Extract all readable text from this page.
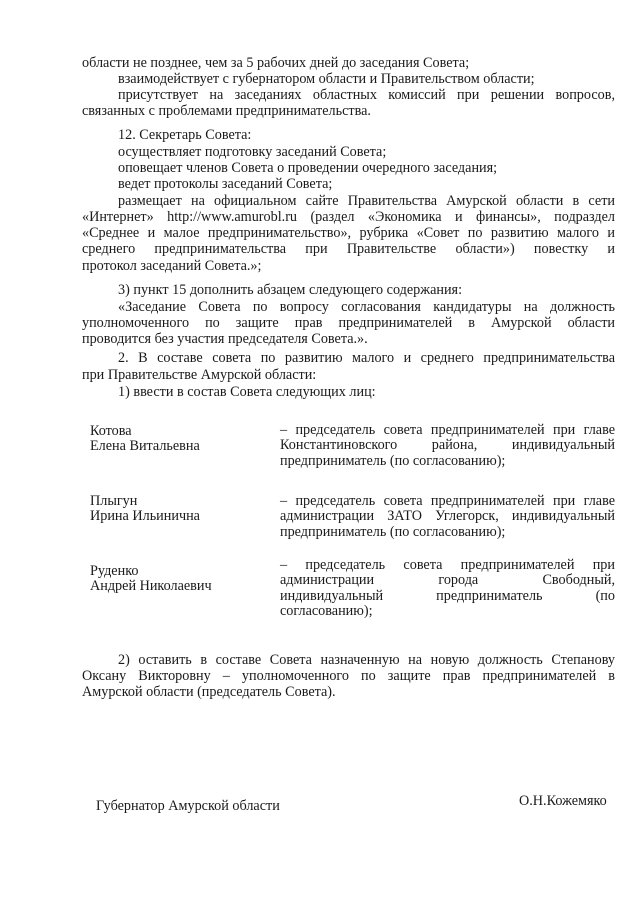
области не позднее, чем за 5 рабочих дней до заседания Совета;
взаимодействует с губернатором области и Правительством области;
присутствует на заседаниях областных комиссий при решении вопросов,
связанных с проблемами предпринимательства.
12. Секретарь Совета:
осуществляет подготовку заседаний Совета;
оповещает членов Совета о проведении очередного заседания;
ведет протоколы заседаний Совета;
размещает на официальном сайте Правительства Амурской области в сети
«Интернет» http://www.amurobl.ru (раздел «Экономика и финансы», подраздел
«Среднее и малое предпринимательство», рубрика «Совет по развитию малого и
среднего предпринимательства при Правительстве области») повестку и
протокол заседаний Совета.»;
3) пункт 15 дополнить абзацем следующего содержания:
«Заседание Совета по вопросу согласования кандидатуры на должность
уполномоченного по защите прав предпринимателей в Амурской области
проводится без участия председателя Совета.».
2. В составе совета по развитию малого и среднего предпринимательства
при Правительстве Амурской области:
1) ввести в состав Совета следующих лиц:
Котова
Елена Витальевна
– председатель совета предпринимателей при главе
Константиновского района, индивидуальный
предприниматель (по согласованию);
Плыгун
Ирина Ильинична
– председатель совета предпринимателей при главе
администрации ЗАТО Углегорск, индивидуальный
предприниматель (по согласованию);
Руденко
Андрей Николаевич
– председатель совета предпринимателей при
администрации города Свободный,
индивидуальный предприниматель (по
согласованию);
2) оставить в составе Совета назначенную на новую должность Степанову
Оксану Викторовну – уполномоченного по защите прав предпринимателей в
Амурской области (председатель Совета).
Губернатор Амурской области	О.Н.Кожемяко
